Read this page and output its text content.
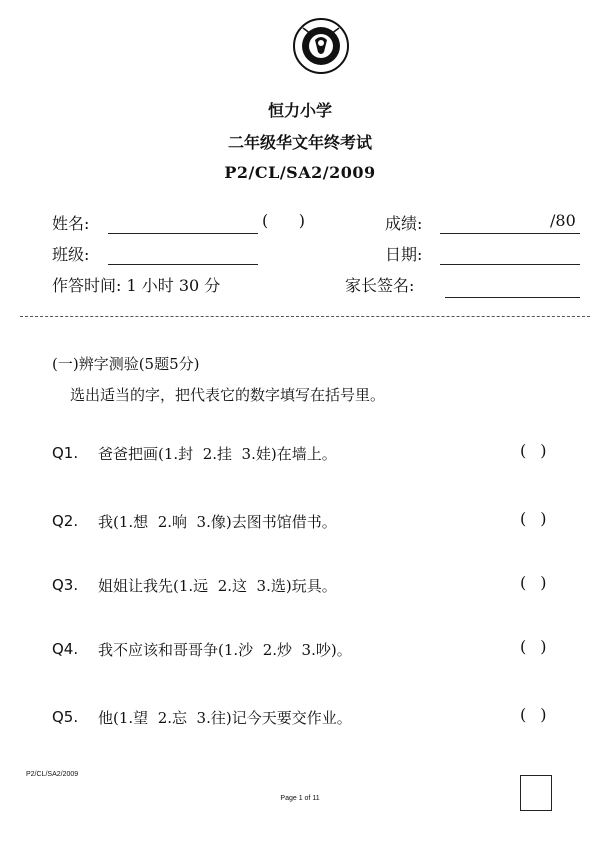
恒力小学
二年级华文年终考试
P2/CL/SA2/2009
姓名:	(      )	成绩:	/80
班级:	日期:
作答时间: 1 小时 30 分	家长签名:
(一)辨字测验(5题5分)
选出适当的字，把代表它的数字填写在括号里。
Q1. 爸爸把画(1.封  2.挂  3.娃)在墙上。	()
Q2. 我(1.想  2.响  3.像)去图书馆借书。	()
Q3. 姐姐让我先(1.远  2.这  3.选)玩具。	()
Q4. 我不应该和哥哥争(1.沙  2.炒  3.吵)。	()
Q5. 他(1.望  2.忘  3.往)记今天要交作业。	()
P2/CL/SA2/2009
Page 1 of 11
